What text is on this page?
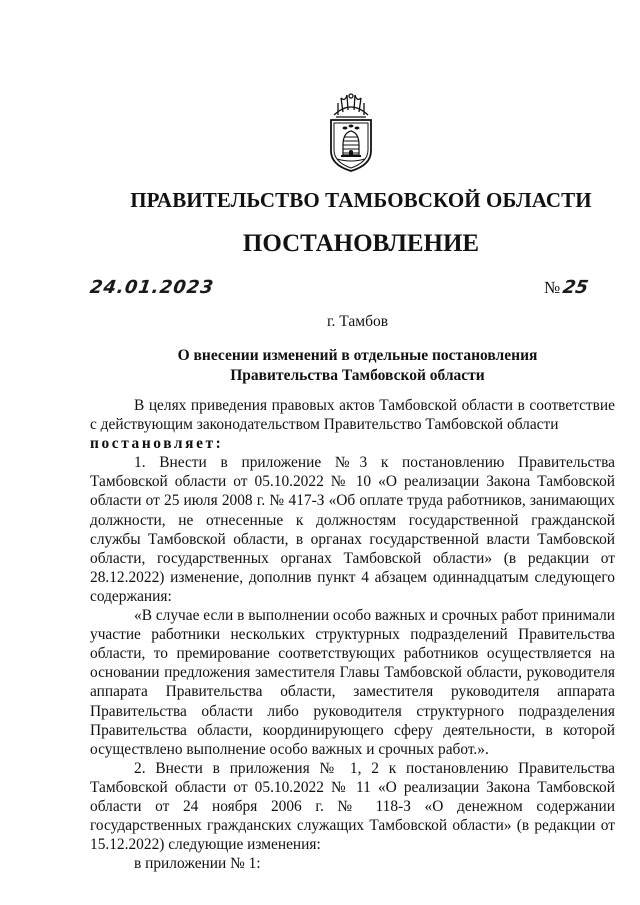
ПРАВИТЕЛЬСТВО ТАМБОВСКОЙ ОБЛАСТИ
ПОСТАНОВЛЕНИЕ
24.01.2023	№25
г. Тамбов
О внесении изменений в отдельные постановления
Правительства Тамбовской области

В целях приведения правовых актов Тамбовской области в соответствие с действующим законодательством Правительство Тамбовской области

постановляет:

1. Внести в приложение №3 к постановлению Правительства Тамбовской области от 05.10.2022 № 10 «О реализации Закона Тамбовской области от 25 июля 2008 г. № 417-З «Об оплате труда работников, занимающих должности, не отнесенные к должностям государственной гражданской службы Тамбовской области, в органах государственной власти Тамбовской области, государственных органах Тамбовской области» (в редакции от 28.12.2022) изменение, дополнив пункт 4 абзацем одиннадцатым следующего содержания:

«В случае если в выполнении особо важных и срочных работ принимали участие работники нескольких структурных подразделений Правительства области, то премирование соответствующих работников осуществляется на основании предложения заместителя Главы Тамбовской области, руководителя аппарата Правительства области, заместителя руководителя аппарата Правительства области либо руководителя структурного подразделения Правительства области, координирующего сферу деятельности, в которой осуществлено выполнение особо важных и срочных работ.».

2. Внести в приложения № 1, 2 к постановлению Правительства Тамбовской области от 05.10.2022 № 11 «О реализации Закона Тамбовской области от 24 ноября 2006 г. № 118-З «О денежном содержании государственных гражданских служащих Тамбовской области» (в редакции от 15.12.2022) следующие изменения:

в приложении № 1:
